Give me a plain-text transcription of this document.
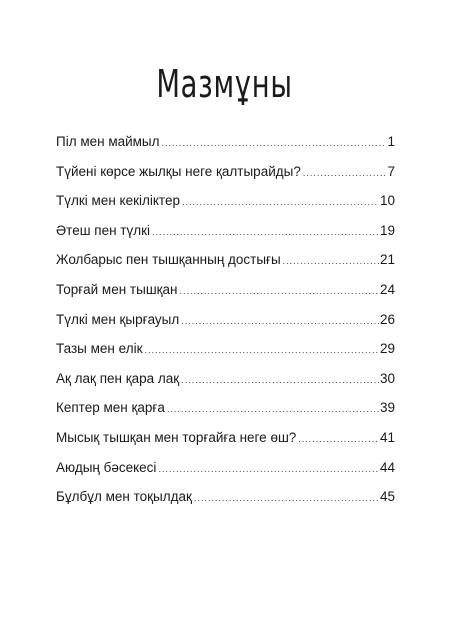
Мазмұны
Піл мен маймыл .....	1
Түйені көрсе жылқы неге қалтырайды? .....	7
Түлкі мен кекіліктер .....	10
Әтеш пен түлкі .....	19
Жолбарыс пен тышқанның достығы .....	21
Торғай мен тышқан .....	24
Түлкі мен қырғауыл .....	26
Тазы мен елік .....	29
Ақ лақ пен қара лақ .....	30
Кептер мен қарға .....	39
Мысық тышқан мен торғайға неге өш? .....	41
Аюдың бәсекесі .....	44
Бұлбұл мен тоқылдақ .....	45
